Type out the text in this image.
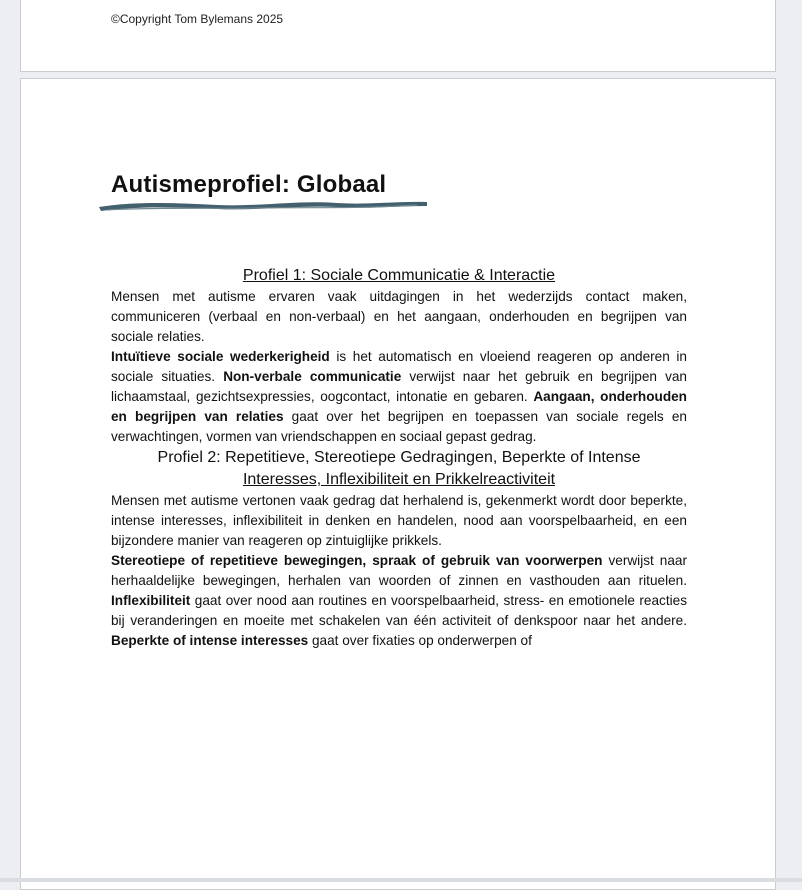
©Copyright Tom Bylemans 2025
Autismeprofiel: Globaal
Profiel 1: Sociale Communicatie & Interactie

Mensen met autisme ervaren vaak uitdagingen in het wederzijds contact maken, communiceren (verbaal en non-verbaal) en het aangaan, onderhouden en begrijpen van sociale relaties.

Intuïtieve sociale wederkerigheid is het automatisch en vloeiend reageren op anderen in sociale situaties. Non-verbale communicatie verwijst naar het gebruik en begrijpen van lichaamstaal, gezichtsexpressies, oogcontact, intonatie en gebaren. Aangaan, onderhouden en begrijpen van relaties gaat over het begrijpen en toepassen van sociale regels en verwachtingen, vormen van vriendschappen en sociaal gepast gedrag.

Profiel 2: Repetitieve, Stereotiepe Gedragingen, Beperkte of Intense
Interesses, Inflexibiliteit en Prikkelreactiviteit

Mensen met autisme vertonen vaak gedrag dat herhalend is, gekenmerkt wordt door beperkte, intense interesses, inflexibiliteit in denken en handelen, nood aan voorspelbaarheid, en een bijzondere manier van reageren op zintuiglijke prikkels.

Stereotiepe of repetitieve bewegingen, spraak of gebruik van voorwerpen verwijst naar herhaaldelijke bewegingen, herhalen van woorden of zinnen en vasthouden aan rituelen. Inflexibiliteit gaat over nood aan routines en voorspelbaarheid, stress- en emotionele reacties bij veranderingen en moeite met schakelen van één activiteit of denkspoor naar het andere. Beperkte of intense interesses gaat over fixaties op onderwerpen of
